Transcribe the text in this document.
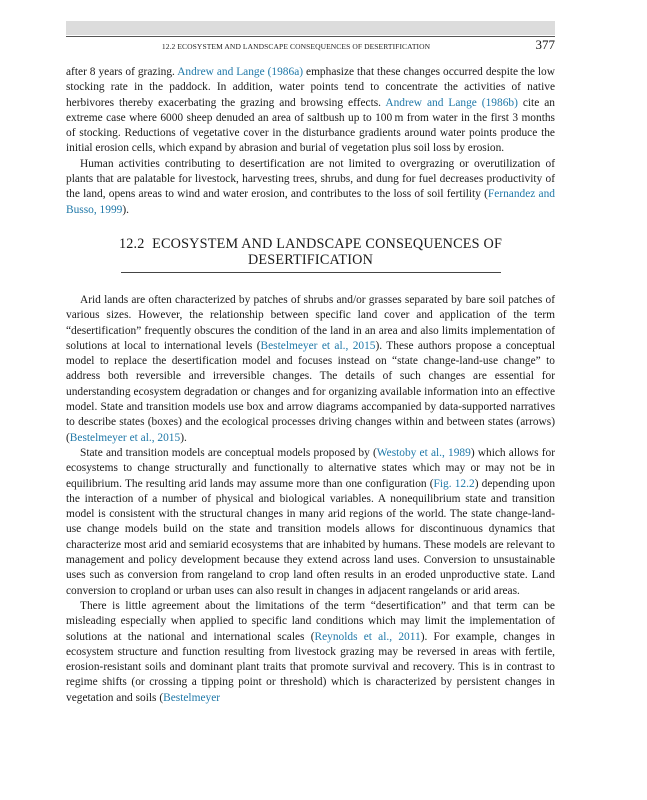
12.2 ECOSYSTEM AND LANDSCAPE CONSEQUENCES OF DESERTIFICATION	377

after 8 years of grazing. Andrew and Lange (1986a) emphasize that these changes occurred despite the low stocking rate in the paddock. In addition, water points tend to concentrate the activities of native herbivores thereby exacerbating the grazing and browsing effects. Andrew and Lange (1986b) cite an extreme case where 6000 sheep denuded an area of saltbush up to 100 m from water in the first 3 months of stocking. Reductions of vegetative cover in the disturbance gradients around water points produce the initial erosion cells, which expand by abrasion and burial of vegetation plus soil loss by erosion.

Human activities contributing to desertification are not limited to overgrazing or overutilization of plants that are palatable for livestock, harvesting trees, shrubs, and dung for fuel decreases productivity of the land, opens areas to wind and water erosion, and contributes to the loss of soil fertility (Fernandez and Busso, 1999).

12.2 ECOSYSTEM AND LANDSCAPE CONSEQUENCES OF
DESERTIFICATION

Arid lands are often characterized by patches of shrubs and/or grasses separated by bare soil patches of various sizes. However, the relationship between specific land cover and application of the term “desertification” frequently obscures the condition of the land in an area and also limits implementation of solutions at local to international levels (Bestelmeyer et al., 2015). These authors propose a conceptual model to replace the desertification model and focuses instead on “state change-land-use change” to address both reversible and irreversible changes. The details of such changes are essential for understanding ecosystem degradation or changes and for organizing available information into an effective model. State and transition models use box and arrow diagrams accompanied by data-supported narratives to describe states (boxes) and the ecological processes driving changes within and between states (arrows) (Bestelmeyer et al., 2015).

State and transition models are conceptual models proposed by (Westoby et al., 1989) which allows for ecosystems to change structurally and functionally to alternative states which may or may not be in equilibrium. The resulting arid lands may assume more than one configuration (Fig. 12.2) depending upon the interaction of a number of physical and biological variables. A nonequilibrium state and transition model is consistent with the structural changes in many arid regions of the world. The state change-land-use change models build on the state and transition models allows for discontinuous dynamics that characterize most arid and semiarid ecosystems that are inhabited by humans. These models are relevant to management and policy development because they extend across land uses. Conversion to unsustainable uses such as conversion from rangeland to crop land often results in an eroded unproductive state. Land conversion to cropland or urban uses can also result in changes in adjacent rangelands or arid areas.

There is little agreement about the limitations of the term “desertification” and that term can be misleading especially when applied to specific land conditions which may limit the implementation of solutions at the national and international scales (Reynolds et al., 2011). For example, changes in ecosystem structure and function resulting from livestock grazing may be reversed in areas with fertile, erosion-resistant soils and dominant plant traits that promote survival and recovery. This is in contrast to regime shifts (or crossing a tipping point or threshold) which is characterized by persistent changes in vegetation and soils (Bestelmeyer
